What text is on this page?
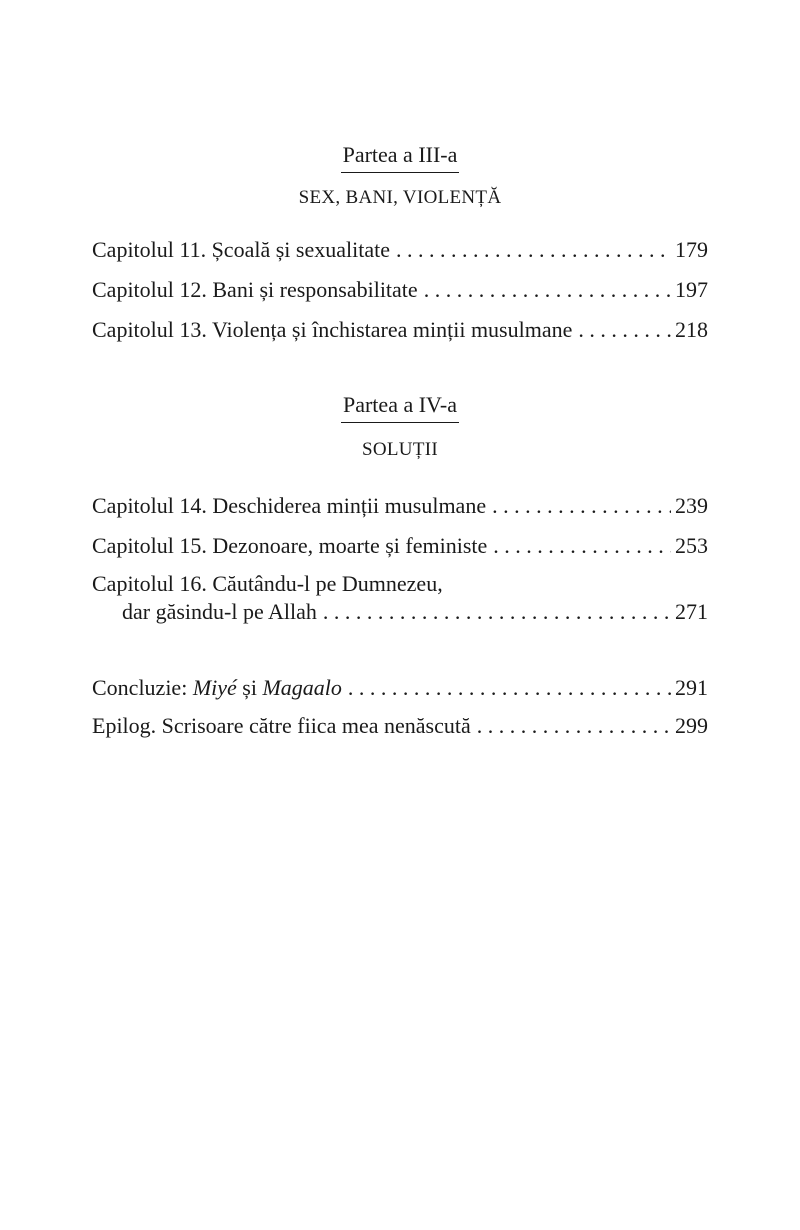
Partea a III-a
SEX, BANI, VIOLENȚĂ
Capitolul 11. Școală și sexualitate . . .	179
Capitolul 12. Bani și responsabilitate . . .	197
Capitolul 13. Violența și închistarea minții musulmane . . .	218
Partea a IV-a
SOLUȚII
Capitolul 14. Deschiderea minții musulmane . . .	239
Capitolul 15. Dezonoare, moarte și feministe . . .	253
Capitolul 16. Căutându-l pe Dumnezeu,
dar găsindu-l pe Allah . . .	271
Concluzie: Miyé și Magaalo . . .	291
Epilog. Scrisoare către fiica mea nenăscută . . .	299
